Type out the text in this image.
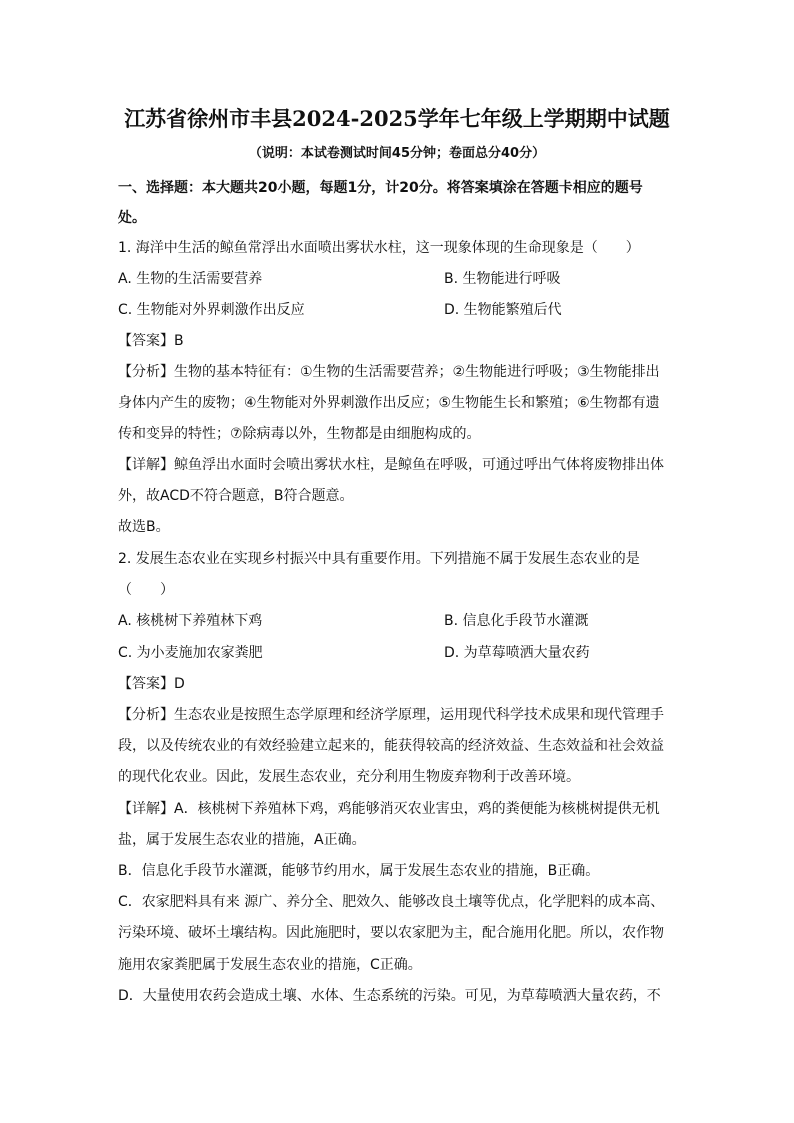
江苏省徐州市丰县2024-2025学年七年级上学期期中试题
（说明：本试卷测试时间45分钟；卷面总分40分）
一、选择题：本大题共20小题，每题1分，计20分。将答案填涂在答题卡相应的题号
处。
1. 海洋中生活的鲸鱼常浮出水面喷出雾状水柱，这一现象体现的生命现象是（　　）
A. 生物的生活需要营养	B. 生物能进行呼吸
C. 生物能对外界刺激作出反应	D. 生物能繁殖后代
【答案】B
【分析】生物的基本特征有：①生物的生活需要营养；②生物能进行呼吸；③生物能排出
身体内产生的废物；④生物能对外界刺激作出反应；⑤生物能生长和繁殖；⑥生物都有遗
传和变异的特性；⑦除病毒以外，生物都是由细胞构成的。
【详解】鲸鱼浮出水面时会喷出雾状水柱，是鲸鱼在呼吸，可通过呼出气体将废物排出体
外，故ACD不符合题意，B符合题意。
故选B。
2. 发展生态农业在实现乡村振兴中具有重要作用。下列措施不属于发展生态农业的是
（　　）
A. 核桃树下养殖林下鸡	B. 信息化手段节水灌溉
C. 为小麦施加农家粪肥	D. 为草莓喷洒大量农药
【答案】D
【分析】生态农业是按照生态学原理和经济学原理，运用现代科学技术成果和现代管理手
段，以及传统农业的有效经验建立起来的，能获得较高的经济效益、生态效益和社会效益
的现代化农业。因此，发展生态农业，充分利用生物废弃物利于改善环境。
【详解】A．核桃树下养殖林下鸡，鸡能够消灭农业害虫，鸡的粪便能为核桃树提供无机
盐，属于发展生态农业的措施，A正确。
B．信息化手段节水灌溉，能够节约用水，属于发展生态农业的措施，B正确。
C．农家肥料具有来 源广、养分全、肥效久、能够改良土壤等优点，化学肥料的成本高、
污染环境、破坏土壤结构。因此施肥时，要以农家肥为主，配合施用化肥。所以，农作物
施用农家粪肥属于发展生态农业的措施，C正确。
D．大量使用农药会造成土壤、水体、生态系统的污染。可见，为草莓喷洒大量农药，不
